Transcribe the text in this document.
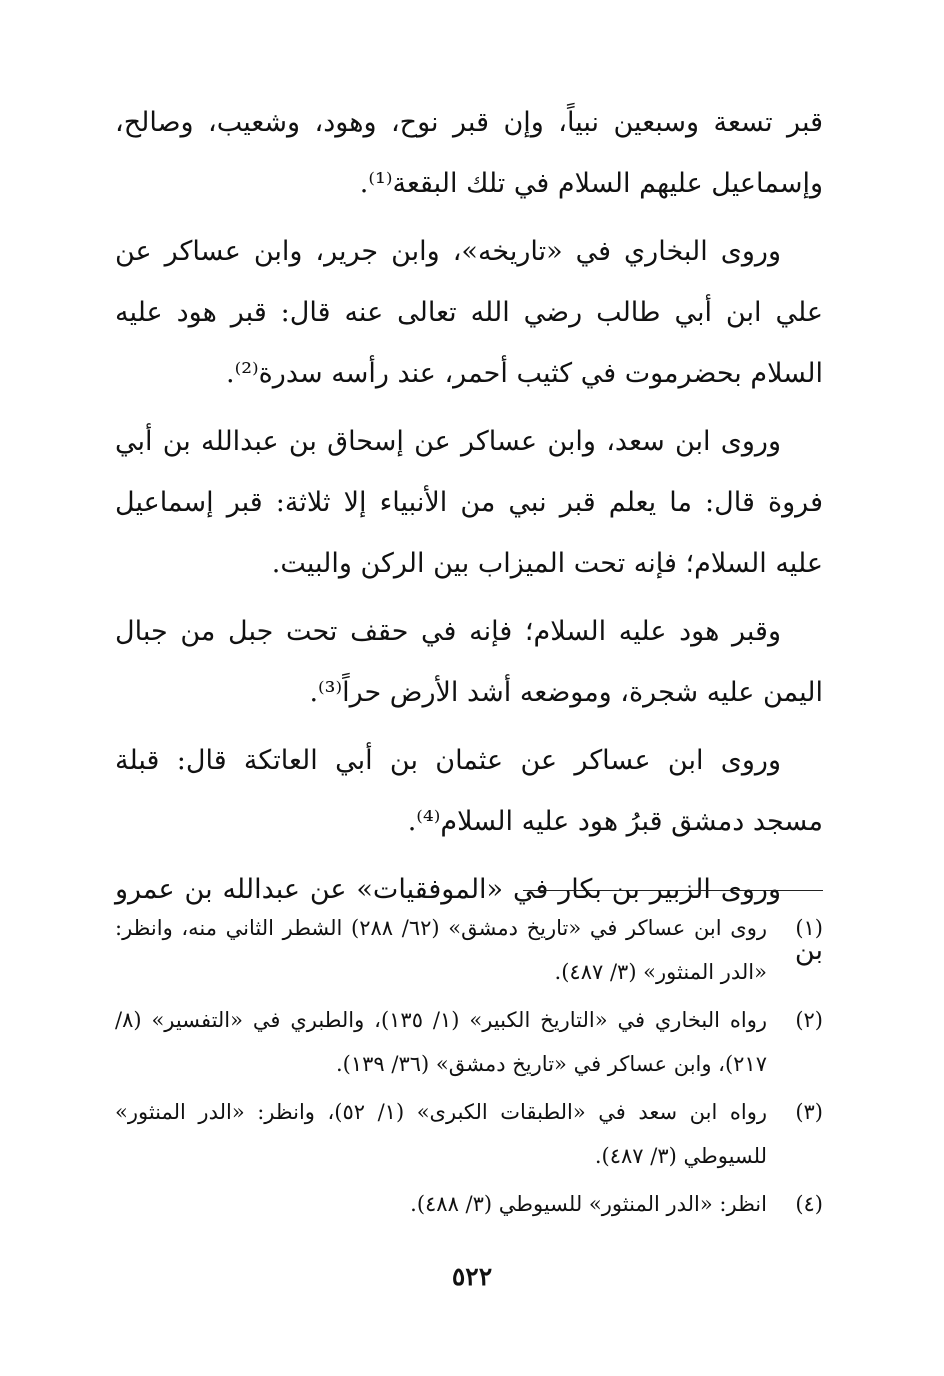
قبر تسعة وسبعين نبياً، وإن قبر نوح، وهود، وشعيب، وصالح، وإسماعيل عليهم السلام في تلك البقعة⁽¹⁾.

وروى البخاري في «تاريخه»، وابن جرير، وابن عساكر عن علي ابن أبي طالب رضي الله تعالى عنه قال: قبر هود عليه السلام بحضرموت في كثيب أحمر، عند رأسه سدرة⁽²⁾.

وروى ابن سعد، وابن عساكر عن إسحاق بن عبدالله بن أبي فروة قال: ما يعلم قبر نبي من الأنبياء إلا ثلاثة: قبر إسماعيل عليه السلام؛ فإنه تحت الميزاب بين الركن والبيت.

وقبر هود عليه السلام؛ فإنه في حقف تحت جبل من جبال اليمن عليه شجرة، وموضعه أشد الأرض حراً⁽³⁾.

وروى ابن عساكر عن عثمان بن أبي العاتكة قال: قبلة مسجد دمشق قبرُ هود عليه السلام⁽⁴⁾.

وروى الزبير بن بكار في «الموفقيات» عن عبدالله بن عمرو بن

(١)
روى ابن عساكر في «تاريخ دمشق» (٦٢/ ٢٨٨) الشطر الثاني منه، وانظر: «الدر المنثور» (٣/ ٤٨٧).
(٢)
رواه البخاري في «التاريخ الكبير» (١/ ١٣٥)، والطبري في «التفسير» (٨/ ٢١٧)، وابن عساكر في «تاريخ دمشق» (٣٦/ ١٣٩).
(٣)
رواه ابن سعد في «الطبقات الكبرى» (١/ ٥٢)، وانظر: «الدر المنثور» للسيوطي (٣/ ٤٨٧).
(٤)
انظر: «الدر المنثور» للسيوطي (٣/ ٤٨٨).
٥٢٢
